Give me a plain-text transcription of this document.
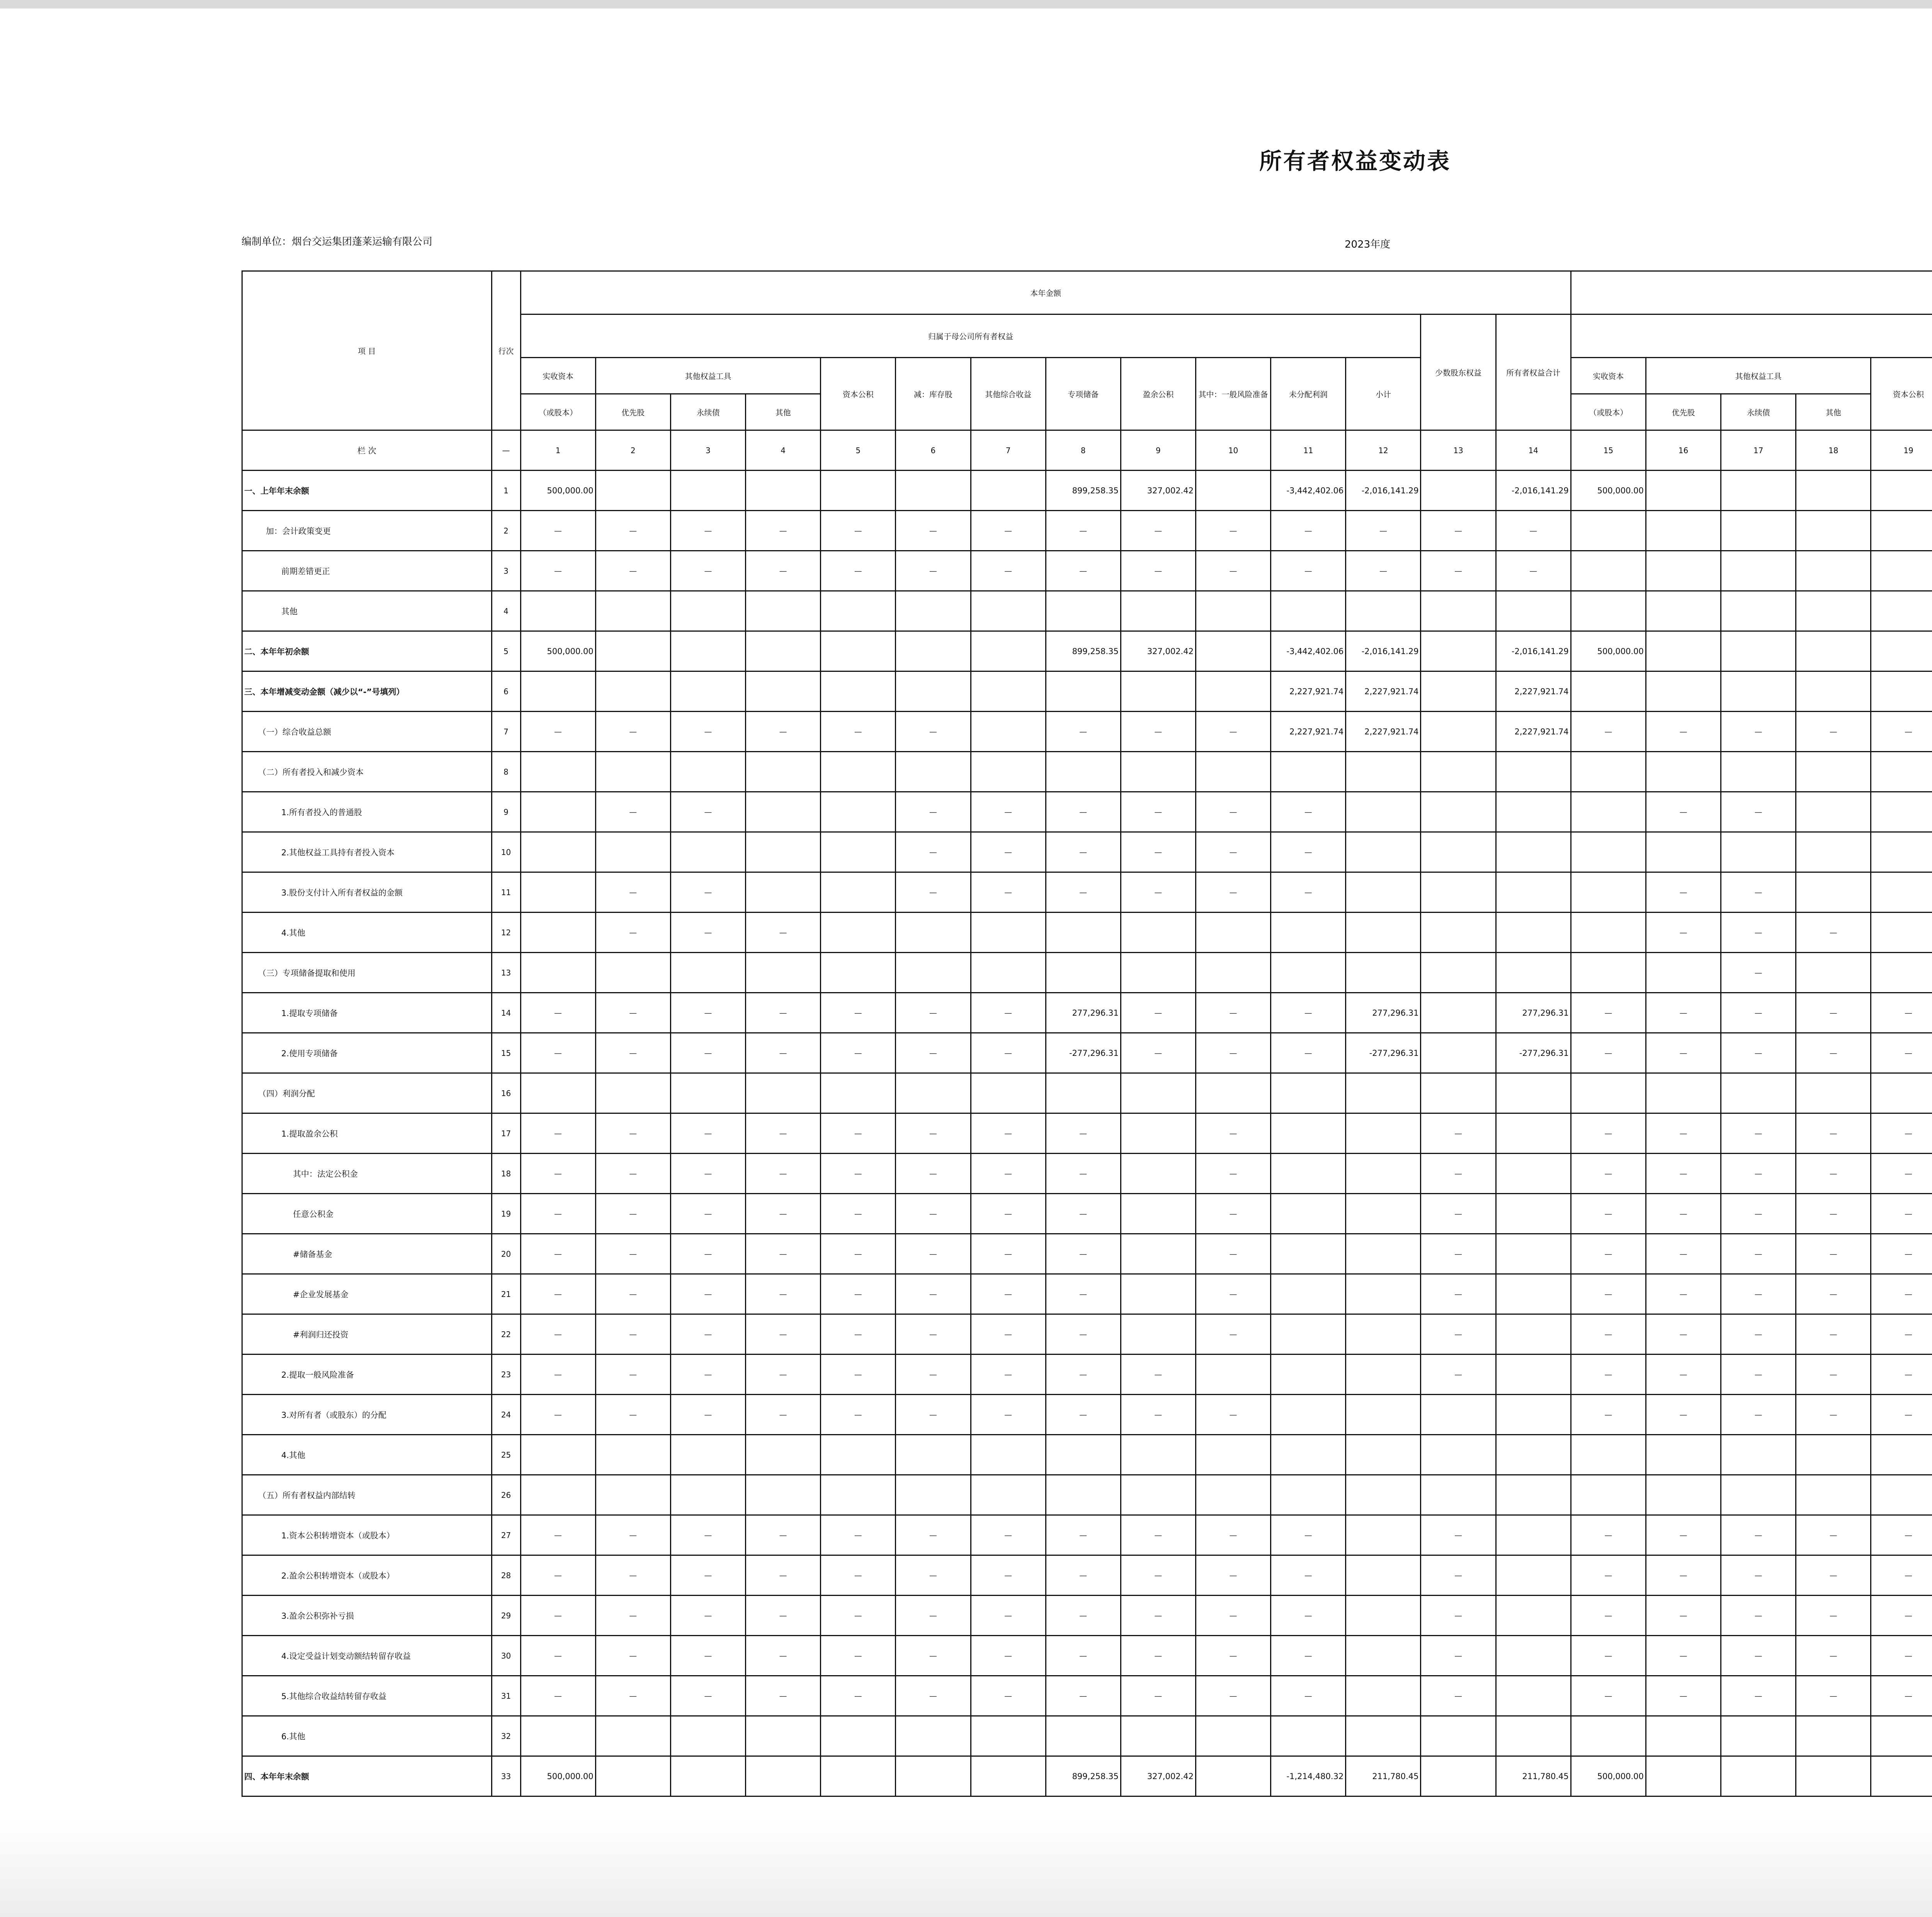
所有者权益变动表
编制单位：烟台交运集团蓬莱运输有限公司	2023年度
项 目	行次	本年金额	
		归属于母公司所有者权益												少数股东权益	所有者权益合计			
		实收资本	其他权益工具			资本公积	减：库存股	其他综合收益	专项储备	盈余公积	其中：一般风险准备	未分配利润	小计			实收资本	其他权益工具			资本公积							
		（或股本）	优先股	永续债	其他											（或股本）	优先股	永续债	其他										
栏 次	—	1	2	3	4	5	6	7	8	9	10	11	12	13	14	15	16	17	18	19									
一、上年年末余额	1	500,000.00							899,258.35	327,002.42		-3,442,402.06	-2,016,141.29		-2,016,141.29	500,000.00													
加：会计政策变更	2	—	—	—	—	—	—	—	—	—	—	—	—	—	—														
前期差错更正	3	—	—	—	—	—	—	—	—	—	—	—	—	—	—														
其他	4																												
二、本年年初余额	5	500,000.00							899,258.35	327,002.42		-3,442,402.06	-2,016,141.29		-2,016,141.29	500,000.00													
三、本年增减变动金额（减少以“-”号填列）	6											2,227,921.74	2,227,921.74		2,227,921.74														
（一）综合收益总额	7	—	—	—	—	—	—		—	—	—	2,227,921.74	2,227,921.74		2,227,921.74	—	—	—	—	—									
（二）所有者投入和减少资本	8																												
1.所有者投入的普通股	9		—	—			—	—	—	—	—	—					—	—											
2.其他权益工具持有者投入资本	10						—	—	—	—	—	—																	
3.股份支付计入所有者权益的金额	11		—	—			—	—	—	—	—	—					—	—											
4.其他	12		—	—	—												—	—	—										
（三）专项储备提取和使用	13																	—											
1.提取专项储备	14	—	—	—	—	—	—	—	277,296.31	—	—	—	277,296.31		277,296.31	—	—	—	—	—									
2.使用专项储备	15	—	—	—	—	—	—	—	-277,296.31	—	—	—	-277,296.31		-277,296.31	—	—	—	—	—									
（四）利润分配	16																												
1.提取盈余公积	17	—	—	—	—	—	—	—	—		—			—		—	—	—	—	—									
其中：法定公积金	18	—	—	—	—	—	—	—	—		—			—		—	—	—	—	—									
任意公积金	19	—	—	—	—	—	—	—	—		—			—		—	—	—	—	—									
#储备基金	20	—	—	—	—	—	—	—	—		—			—		—	—	—	—	—									
#企业发展基金	21	—	—	—	—	—	—	—	—		—			—		—	—	—	—	—									
#利润归还投资	22	—	—	—	—	—	—	—	—		—			—		—	—	—	—	—									
2.提取一般风险准备	23	—	—	—	—	—	—	—	—	—				—		—	—	—	—	—									
3.对所有者（或股东）的分配	24	—	—	—	—	—	—	—	—	—	—					—	—	—	—	—									
4.其他	25																												
（五）所有者权益内部结转	26																												
1.资本公积转增资本（或股本）	27	—	—	—	—	—	—	—	—	—	—	—		—		—	—	—	—	—									
2.盈余公积转增资本（或股本）	28	—	—	—	—	—	—	—	—	—	—	—		—		—	—	—	—	—									
3.盈余公积弥补亏损	29	—	—	—	—	—	—	—	—	—	—	—		—		—	—	—	—	—									
4.设定受益计划变动额结转留存收益	30	—	—	—	—	—	—	—	—	—	—	—		—		—	—	—	—	—									
5.其他综合收益结转留存收益	31	—	—	—	—	—	—	—	—	—	—	—		—		—	—	—	—	—									
6.其他	32																												
四、本年年末余额	33	500,000.00							899,258.35	327,002.42		-1,214,480.32	211,780.45		211,780.45	500,000.00													
